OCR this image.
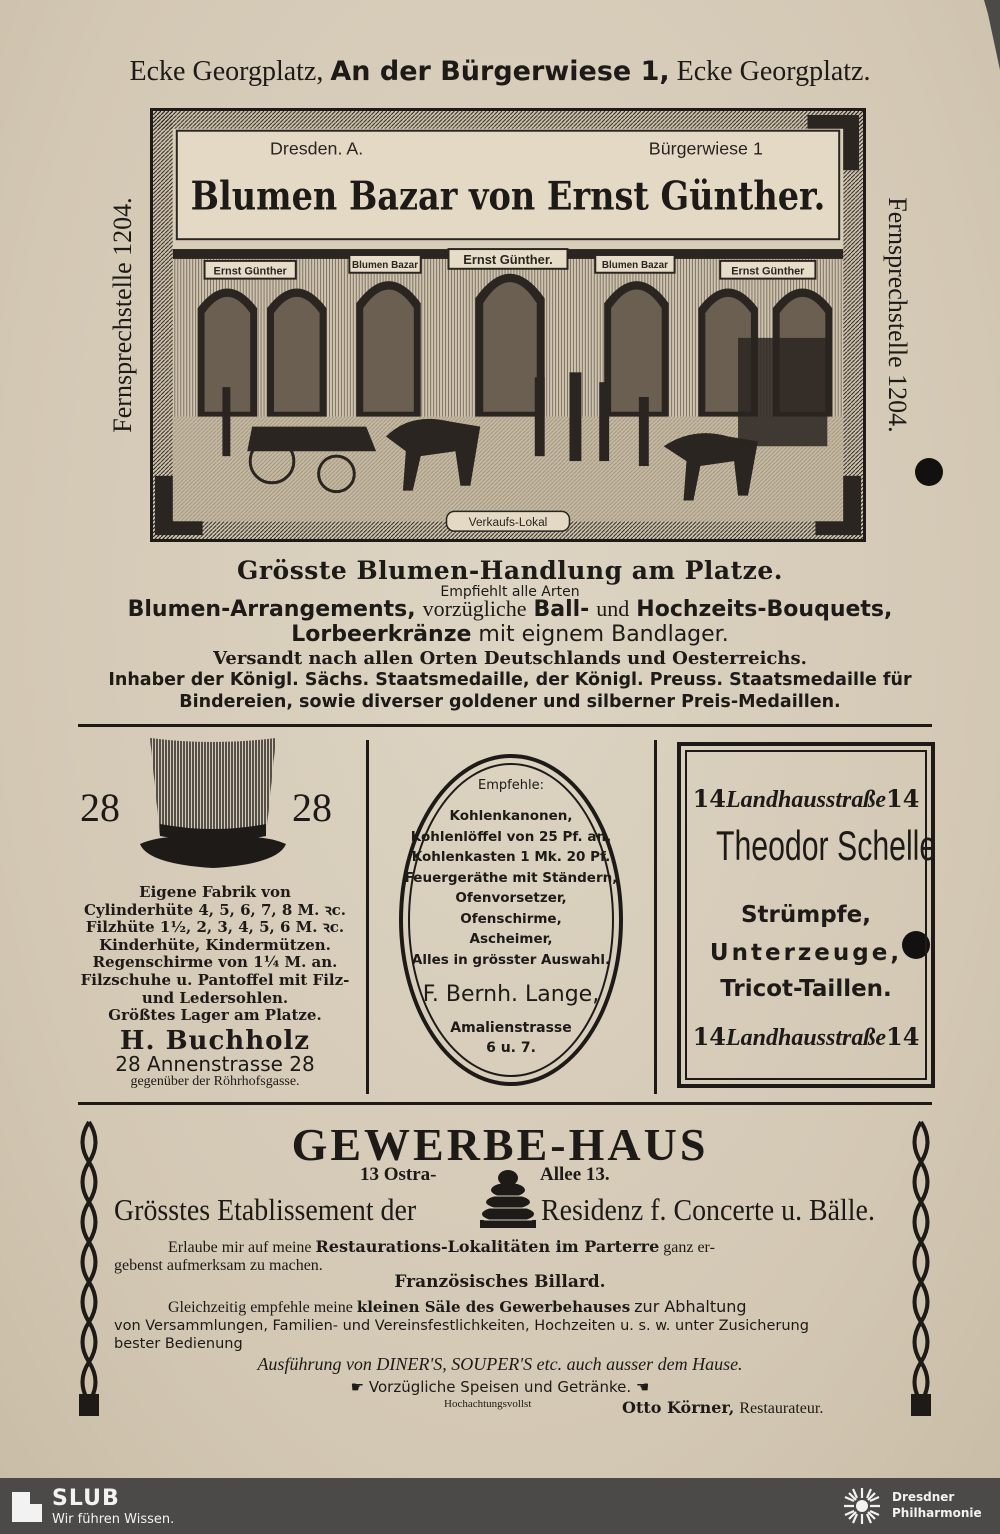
Ecke Georgplatz, An der Bürgerwiese 1, Ecke Georgplatz.
Fernsprechstelle 1204.	Fernsprechstelle 1204.
Dresden. A.	Bürgerwiese 1
Blumen Bazar von Ernst Günther.
Ernst Günther
Blumen Bazar	Ernst Günther.	Blumen Bazar
Ernst Günther
Verkaufs-Lokal
Grösste Blumen-Handlung am Platze.
Empfiehlt alle Arten
Blumen-Arrangements, vorzügliche Ball- und Hochzeits-Bouquets,
Lorbeerkränze mit eignem Bandlager.
Versandt nach allen Orten Deutschlands und Oesterreichs.
Inhaber der Königl. Sächs. Staatsmedaille, der Königl. Preuss. Staatsmedaille für
Bindereien, sowie diverser goldener und silberner Preis-Medaillen.
28	28
Eigene Fabrik von
Cylinderhüte 4, 5, 6, 7, 8 M. ꝛc.
Filzhüte 1½, 2, 3, 4, 5, 6 M. ꝛc.
Kinderhüte, Kindermützen.
Regenschirme von 1¼ M. an.
Filzschuhe u. Pantoffel mit Filz-
und Ledersohlen.
Größtes Lager am Platze.
H. Buchholz
28 Annenstrasse 28
gegenüber der Röhrhofsgasse.
Empfehle:
Kohlenkanonen,
Kohlenlöffel von 25 Pf. an,
Kohlenkasten 1 Mk. 20 Pf.
Feuergeräthe mit Ständern,
Ofenvorsetzer,
Ofenschirme,
Ascheimer,
Alles in grösster Auswahl.
F. Bernh. Lange,
Amalienstrasse
6 u. 7.
14Landhausstraße14
Theodor Schelle
Strümpfe,
Unterzeuge,
Tricot-Taillen.
14Landhausstraße14
GEWERBE-HAUS
13 Ostra-	Allee 13.
Grösstes Etablissement der	Residenz f. Concerte u. Bälle.
Erlaube mir auf meine Restaurations-Lokalitäten im Parterre ganz er-
gebenst aufmerksam zu machen.
Französisches Billard.
Gleichzeitig empfehle meine kleinen Säle des Gewerbehauses zur Abhaltung
von Versammlungen, Familien- und Vereinsfestlichkeiten, Hochzeiten u. s. w. unter Zusicherung
bester Bedienung
Ausführung von DINER'S, SOUPER'S etc. auch ausser dem Hause.
☛ Vorzügliche Speisen und Getränke. ☚
Hochachtungsvollst	Otto Körner, Restaurateur.
SLUB
Wir führen Wissen.
Dresdner
Philharmonie
